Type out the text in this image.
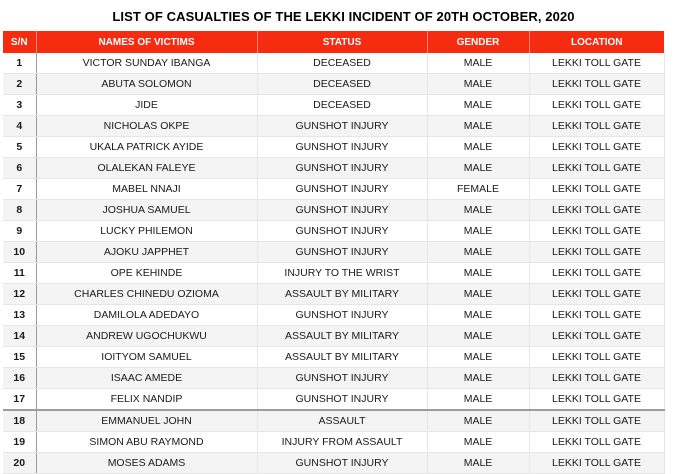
LIST OF CASUALTIES OF THE LEKKI INCIDENT OF 20TH OCTOBER, 2020
S/N	NAMES OF VICTIMS	STATUS	GENDER	LOCATION
1	VICTOR SUNDAY IBANGA	DECEASED	MALE	LEKKI TOLL GATE
2	ABUTA SOLOMON	DECEASED	MALE	LEKKI TOLL GATE
3	JIDE	DECEASED	MALE	LEKKI TOLL GATE
4	NICHOLAS OKPE	GUNSHOT INJURY	MALE	LEKKI TOLL GATE
5	UKALA PATRICK AYIDE	GUNSHOT INJURY	MALE	LEKKI TOLL GATE
6	OLALEKAN FALEYE	GUNSHOT INJURY	MALE	LEKKI TOLL GATE
7	MABEL NNAJI	GUNSHOT INJURY	FEMALE	LEKKI TOLL GATE
8	JOSHUA SAMUEL	GUNSHOT INJURY	MALE	LEKKI TOLL GATE
9	LUCKY PHILEMON	GUNSHOT INJURY	MALE	LEKKI TOLL GATE
10	AJOKU JAPPHET	GUNSHOT INJURY	MALE	LEKKI TOLL GATE
11	OPE KEHINDE	INJURY TO THE WRIST	MALE	LEKKI TOLL GATE
12	CHARLES CHINEDU OZIOMA	ASSAULT BY MILITARY	MALE	LEKKI TOLL GATE
13	DAMILOLA ADEDAYO	GUNSHOT INJURY	MALE	LEKKI TOLL GATE
14	ANDREW UGOCHUKWU	ASSAULT BY MILITARY	MALE	LEKKI TOLL GATE
15	IOITYOM SAMUEL	ASSAULT BY MILITARY	MALE	LEKKI TOLL GATE
16	ISAAC AMEDE	GUNSHOT INJURY	MALE	LEKKI TOLL GATE
17	FELIX NANDIP	GUNSHOT INJURY	MALE	LEKKI TOLL GATE
18	EMMANUEL JOHN	ASSAULT	MALE	LEKKI TOLL GATE
19	SIMON ABU RAYMOND	INJURY FROM ASSAULT	MALE	LEKKI TOLL GATE
20	MOSES ADAMS	GUNSHOT INJURY	MALE	LEKKI TOLL GATE
